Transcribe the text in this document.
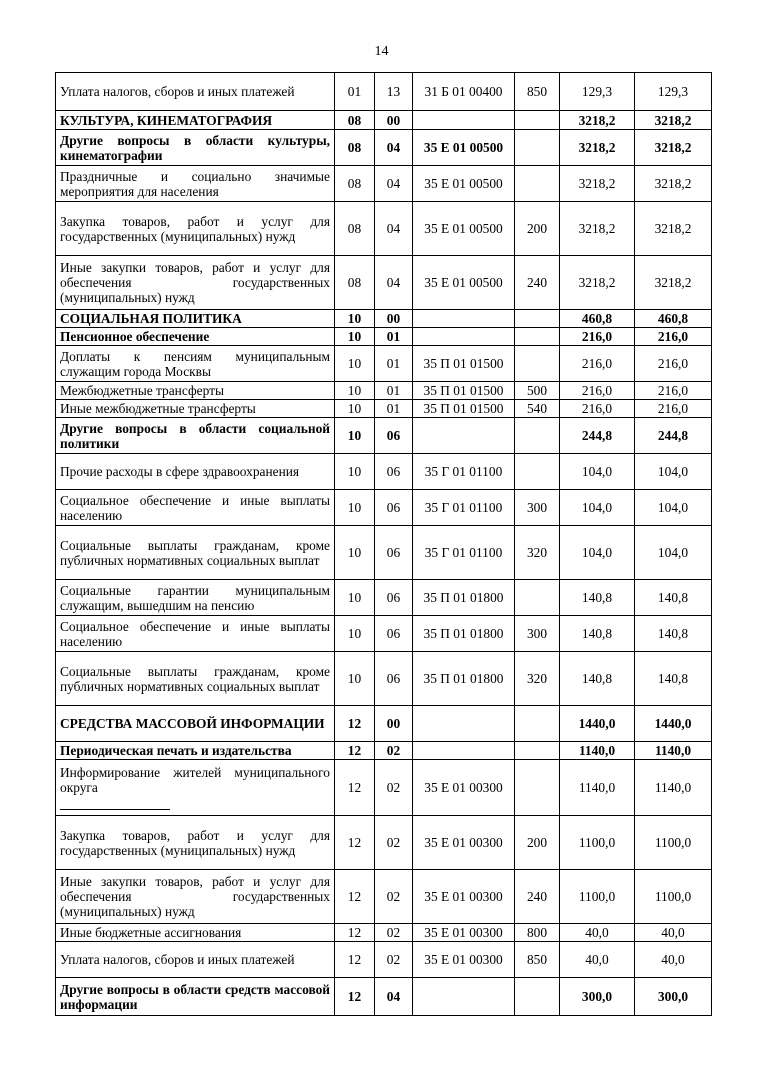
14
Уплата налогов, сборов и иных платежей	01	13	31 Б 01 00400	850	129,3	129,3
КУЛЬТУРА, КИНЕМАТОГРАФИЯ	08	00			3218,2	3218,2
Другие вопросы в области культуры, кинематографии	08	04	35 Е 01 00500		3218,2	3218,2
Праздничные и социально значимые мероприятия для населения	08	04	35 Е 01 00500		3218,2	3218,2
Закупка товаров, работ и услуг для государственных (муниципальных) нужд	08	04	35 Е 01 00500	200	3218,2	3218,2
Иные закупки товаров, работ и услуг для обеспечения государственных (муниципальных) нужд	08	04	35 Е 01 00500	240	3218,2	3218,2
СОЦИАЛЬНАЯ ПОЛИТИКА	10	00			460,8	460,8
Пенсионное обеспечение	10	01			216,0	216,0
Доплаты к пенсиям муниципальным служащим города Москвы	10	01	35 П 01 01500		216,0	216,0
Межбюджетные трансферты	10	01	35 П 01 01500	500	216,0	216,0
Иные межбюджетные трансферты	10	01	35 П 01 01500	540	216,0	216,0
Другие вопросы в области социальной политики	10	06			244,8	244,8
Прочие расходы в сфере здравоохранения	10	06	35 Г 01 01100		104,0	104,0
Социальное обеспечение и иные выплаты населению	10	06	35 Г 01 01100	300	104,0	104,0
Социальные выплаты гражданам, кроме публичных нормативных социальных выплат	10	06	35 Г 01 01100	320	104,0	104,0
Социальные гарантии муниципальным служащим, вышедшим на пенсию	10	06	35 П 01 01800		140,8	140,8
Социальное обеспечение и иные выплаты населению	10	06	35 П 01 01800	300	140,8	140,8
Социальные выплаты гражданам, кроме публичных нормативных социальных выплат	10	06	35 П 01 01800	320	140,8	140,8
СРЕДСТВА МАССОВОЙ ИНФОРМАЦИИ	12	00			1440,0	1440,0
Периодическая печать и издательства	12	02			1140,0	1140,0
Информирование жителей муниципального округа	12	02	35 Е 01 00300		1140,0	1140,0
Закупка товаров, работ и услуг для государственных (муниципальных) нужд	12	02	35 Е 01 00300	200	1100,0	1100,0
Иные закупки товаров, работ и услуг для обеспечения государственных (муниципальных) нужд	12	02	35 Е 01 00300	240	1100,0	1100,0
Иные бюджетные ассигнования	12	02	35 Е 01 00300	800	40,0	40,0
Уплата налогов, сборов и иных платежей	12	02	35 Е 01 00300	850	40,0	40,0
Другие вопросы в области средств массовой информации	12	04			300,0	300,0
